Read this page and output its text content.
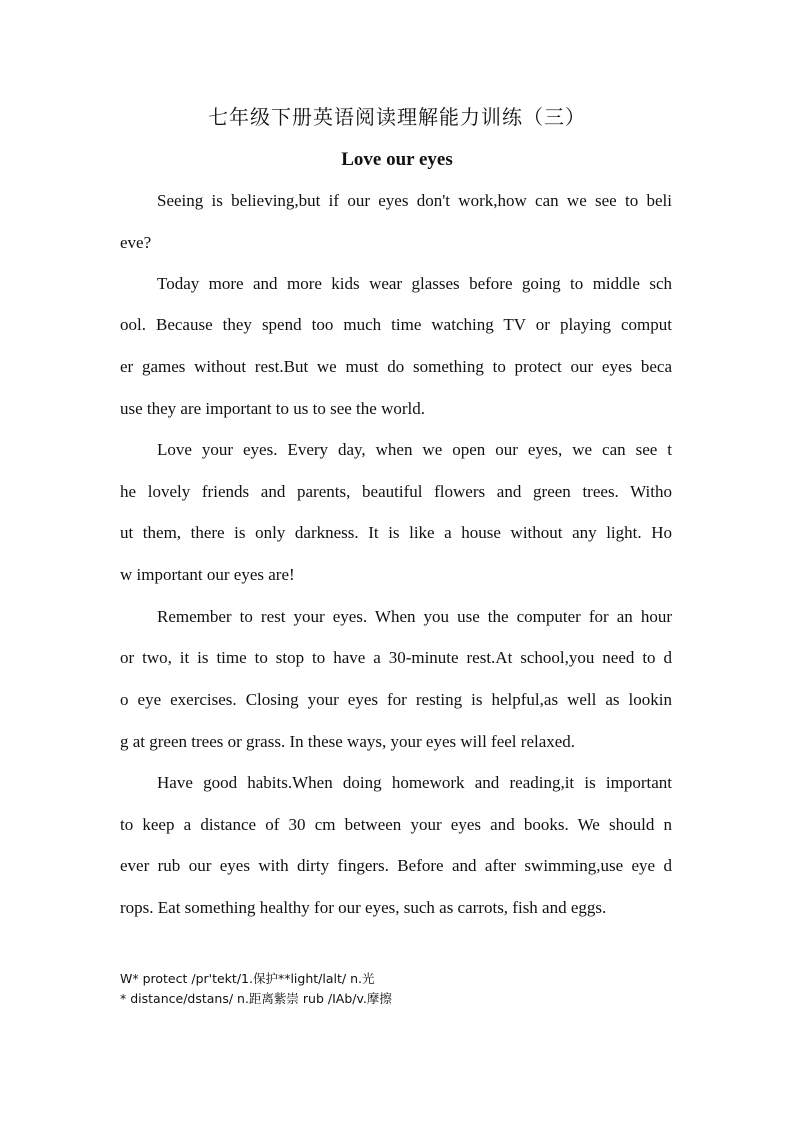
七年级下册英语阅读理解能力训练（三）
Love our eyes
Seeing is believing,but if our eyes don't work,how can we see to beli
eve?
Today more and more kids wear glasses before going to middle sch
ool. Because they spend too much time watching TV or playing comput
er games without rest.But we must do something to protect our eyes beca
use they are important to us to see the world.
Love your eyes. Every day, when we open our eyes, we can see t
he lovely friends and parents, beautiful flowers and green trees. Witho
ut them, there is only darkness. It is like a house without any light. Ho
w important our eyes are!
Remember to rest your eyes. When you use the computer for an hour
or two, it is time to stop to have a 30-minute rest.At school,you need to d
o eye exercises. Closing your eyes for resting is helpful,as well as lookin
g at green trees or grass. In these ways, your eyes will feel relaxed.
Have good habits.When doing homework and reading,it is important
to keep a distance of 30 cm between your eyes and books. We should n
ever rub our eyes with dirty fingers. Before and after swimming,use eye d
rops. Eat something healthy for our eyes, such as carrots, fish and eggs.
W* protect /pr'tekt/1.保护**light/lalt/ n.光
* distance/dstans/ n.距离紫崇 rub /IAb/v.摩擦
